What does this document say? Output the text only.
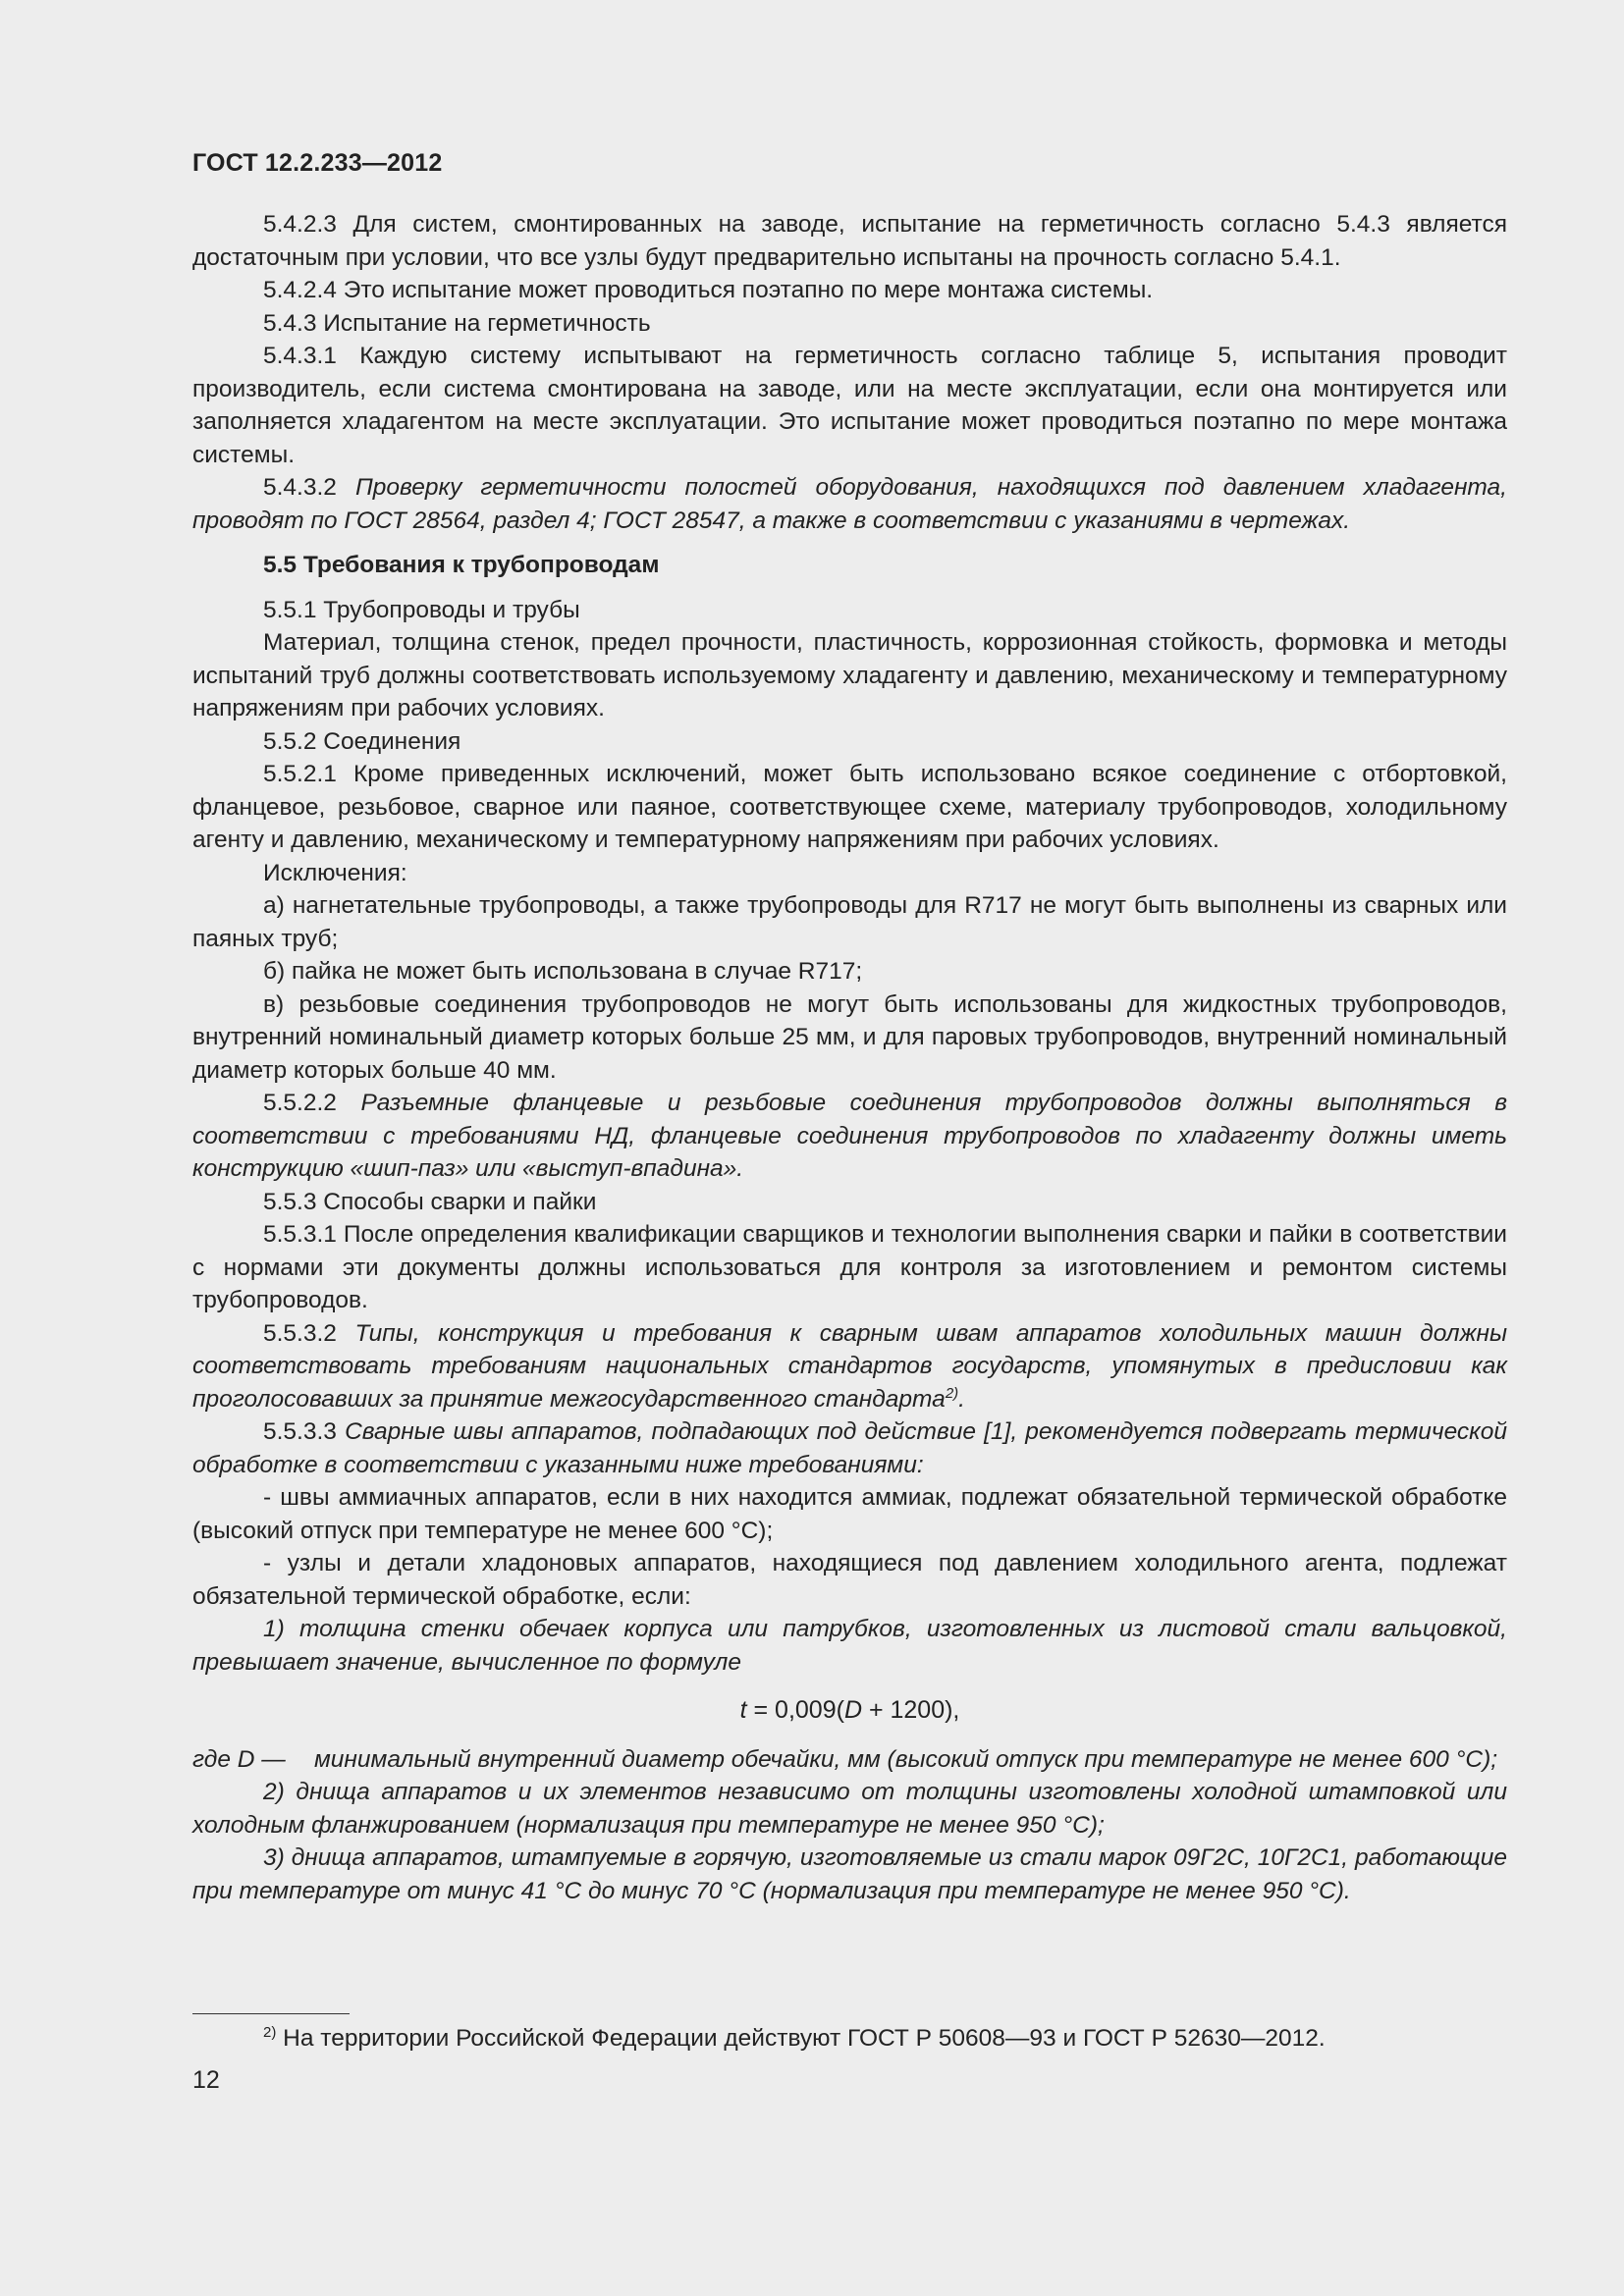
ГОСТ 12.2.233—2012

5.4.2.3 Для систем, смонтированных на заводе, испытание на герметичность согласно 5.4.3 является достаточным при условии, что все узлы будут предварительно испытаны на прочность согласно 5.4.1.

5.4.2.4 Это испытание может проводиться поэтапно по мере монтажа системы.

5.4.3 Испытание на герметичность

5.4.3.1 Каждую систему испытывают на герметичность согласно таблице 5, испытания проводит производитель, если система смонтирована на заводе, или на месте эксплуатации, если она монтируется или заполняется хладагентом на месте эксплуатации. Это испытание может проводиться поэтапно по мере монтажа системы.

5.4.3.2 Проверку герметичности полостей оборудования, находящихся под давлением хладагента, проводят по ГОСТ 28564, раздел 4; ГОСТ 28547, а также в соответствии с указаниями в чертежах.

5.5 Требования к трубопроводам

5.5.1 Трубопроводы и трубы

Материал, толщина стенок, предел прочности, пластичность, коррозионная стойкость, формовка и методы испытаний труб должны соответствовать используемому хладагенту и давлению, механическому и температурному напряжениям при рабочих условиях.

5.5.2 Соединения

5.5.2.1 Кроме приведенных исключений, может быть использовано всякое соединение с отбортовкой, фланцевое, резьбовое, сварное или паяное, соответствующее схеме, материалу трубопроводов, холодильному агенту и давлению, механическому и температурному напряжениям при рабочих условиях.

Исключения:

а) нагнетательные трубопроводы, а также трубопроводы для R717 не могут быть выполнены из сварных или паяных труб;

б) пайка не может быть использована в случае R717;

в) резьбовые соединения трубопроводов не могут быть использованы для жидкостных трубопроводов, внутренний номинальный диаметр которых больше 25 мм, и для паровых трубопроводов, внутренний номинальный диаметр которых больше 40 мм.

5.5.2.2 Разъемные фланцевые и резьбовые соединения трубопроводов должны выполняться в соответствии с требованиями НД, фланцевые соединения трубопроводов по хладагенту должны иметь конструкцию «шип-паз» или «выступ-впадина».

5.5.3 Способы сварки и пайки

5.5.3.1 После определения квалификации сварщиков и технологии выполнения сварки и пайки в соответствии с нормами эти документы должны использоваться для контроля за изготовлением и ремонтом системы трубопроводов.

5.5.3.2 Типы, конструкция и требования к сварным швам аппаратов холодильных машин должны соответствовать требованиям национальных стандартов государств, упомянутых в предисловии как проголосовавших за принятие межгосударственного стандарта$^{2)}$.

5.5.3.3 Сварные швы аппаратов, подпадающих под действие [1], рекомендуется подвергать термической обработке в соответствии с указанными ниже требованиями:

- швы аммиачных аппаратов, если в них находится аммиак, подлежат обязательной термической обработке (высокий отпуск при температуре не менее 600 °С);

- узлы и детали хладоновых аппаратов, находящиеся под давлением холодильного агента, подлежат обязательной термической обработке, если:

1) толщина стенки обечаек корпуса или патрубков, изготовленных из листовой стали вальцовкой, превышает значение, вычисленное по формуле

t = 0,009(D + 1200),
где D —	минимальный внутренний диаметр обечайки, мм (высокий отпуск при температуре не менее 600 °С);

2) днища аппаратов и их элементов независимо от толщины изготовлены холодной штамповкой или холодным фланжированием (нормализация при температуре не менее 950 °С);

3) днища аппаратов, штампуемые в горячую, изготовляемые из стали марок 09Г2С, 10Г2С1, работающие при температуре от минус 41 °С до минус 70 °С (нормализация при температуре не менее 950 °С).

$^{2)}$ На территории Российской Федерации действуют ГОСТ Р 50608—93 и ГОСТ Р 52630—2012.
12
